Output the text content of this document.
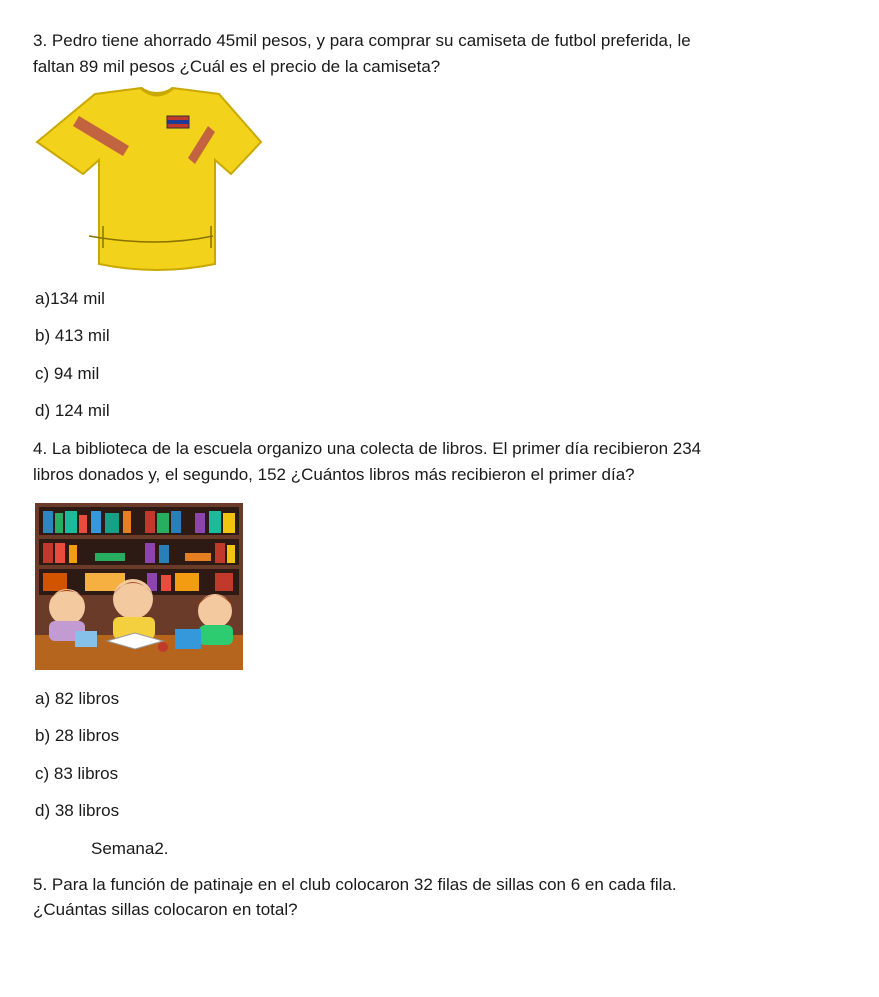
3. Pedro tiene ahorrado 45mil pesos, y para comprar su camiseta de futbol preferida, le
faltan 89 mil pesos ¿Cuál es el precio de la camiseta?
a)134 mil
b) 413 mil
c) 94 mil
d) 124 mil
4. La biblioteca de la escuela organizo una colecta de libros. El primer día recibieron 234
libros donados y, el segundo, 152 ¿Cuántos libros más recibieron el primer día?
a) 82 libros
b) 28 libros
c) 83 libros
d) 38 libros
Semana2.
5. Para la función de patinaje en el club colocaron 32 filas de sillas con 6 en cada fila.
¿Cuántas sillas colocaron en total?
